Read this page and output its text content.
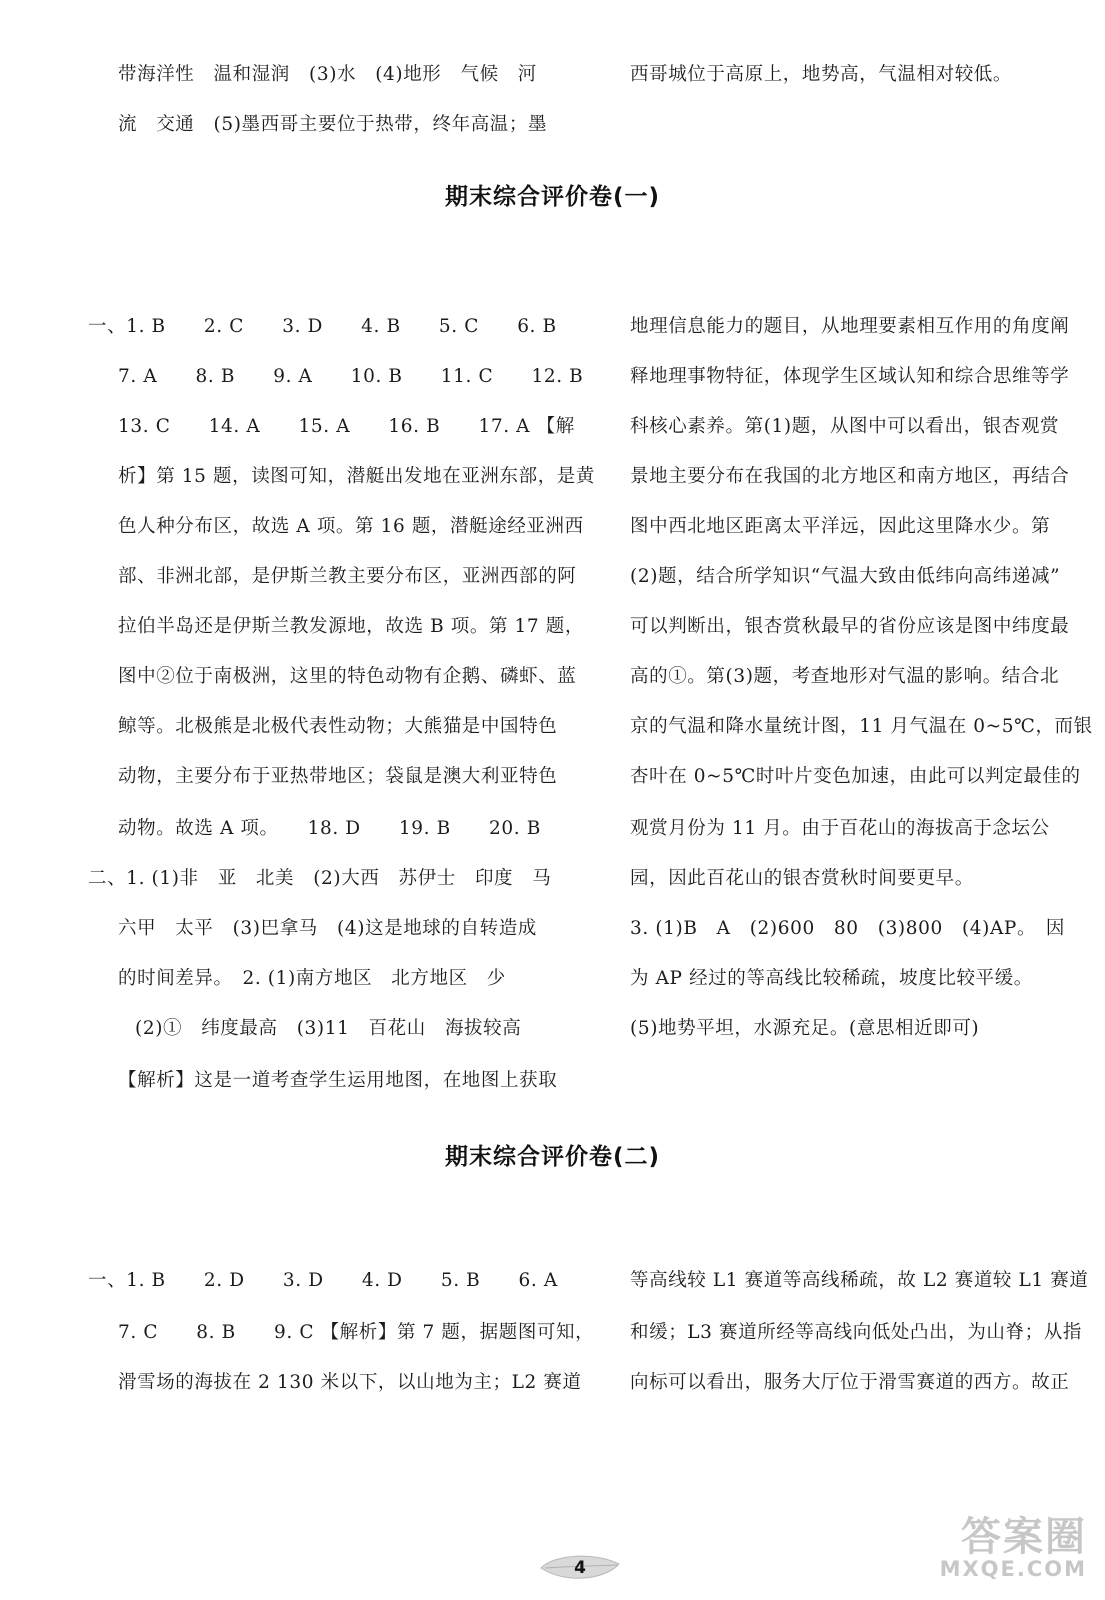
带海洋性　温和湿润　(3)水　(4)地形　气候　河
流　交通　(5)墨西哥主要位于热带，终年高温；墨
西哥城位于高原上，地势高，气温相对较低。
期末综合评价卷(一)
一、1. B　　2. C　　3. D　　4. B　　5. C　　6. B
7. A　　8. B　　9. A　　10. B　　11. C　　12. B
13. C　　14. A　　15. A　　16. B　　17. A 【解
析】第 15 题，读图可知，潜艇出发地在亚洲东部，是黄
色人种分布区，故选 A 项。第 16 题，潜艇途经亚洲西
部、非洲北部，是伊斯兰教主要分布区，亚洲西部的阿
拉伯半岛还是伊斯兰教发源地，故选 B 项。第 17 题，
图中②位于南极洲，这里的特色动物有企鹅、磷虾、蓝
鲸等。北极熊是北极代表性动物；大熊猫是中国特色
动物，主要分布于亚热带地区；袋鼠是澳大利亚特色
动物。故选 A 项。　　18. D　　19. B　　20. B
二、1. (1)非　亚　北美　(2)大西　苏伊士　印度　马
六甲　太平　(3)巴拿马　(4)这是地球的自转造成
的时间差异。　2. (1)南方地区　北方地区　少
(2)①　纬度最高　(3)11　百花山　海拔较高
【解析】这是一道考查学生运用地图，在地图上获取
地理信息能力的题目，从地理要素相互作用的角度阐
释地理事物特征，体现学生区域认知和综合思维等学
科核心素养。第(1)题，从图中可以看出，银杏观赏
景地主要分布在我国的北方地区和南方地区，再结合
图中西北地区距离太平洋远，因此这里降水少。第
(2)题，结合所学知识“气温大致由低纬向高纬递减”
可以判断出，银杏赏秋最早的省份应该是图中纬度最
高的①。第(3)题，考查地形对气温的影响。结合北
京的气温和降水量统计图，11 月气温在 0~5℃，而银
杏叶在 0~5℃时叶片变色加速，由此可以判定最佳的
观赏月份为 11 月。由于百花山的海拔高于念坛公
园，因此百花山的银杏赏秋时间要更早。
3. (1)B　A　(2)600　80　(3)800　(4)AP。　因
为 AP 经过的等高线比较稀疏，坡度比较平缓。
(5)地势平坦，水源充足。(意思相近即可)
期末综合评价卷(二)
一、1. B　　2. D　　3. D　　4. D　　5. B　　6. A
7. C　　8. B　　9. C 【解析】第 7 题，据题图可知，
滑雪场的海拔在 2 130 米以下，以山地为主；L2 赛道
等高线较 L1 赛道等高线稀疏，故 L2 赛道较 L1 赛道
和缓；L3 赛道所经等高线向低处凸出，为山脊；从指
向标可以看出，服务大厅位于滑雪赛道的西方。故正
4
答案圈
MXQE.COM
